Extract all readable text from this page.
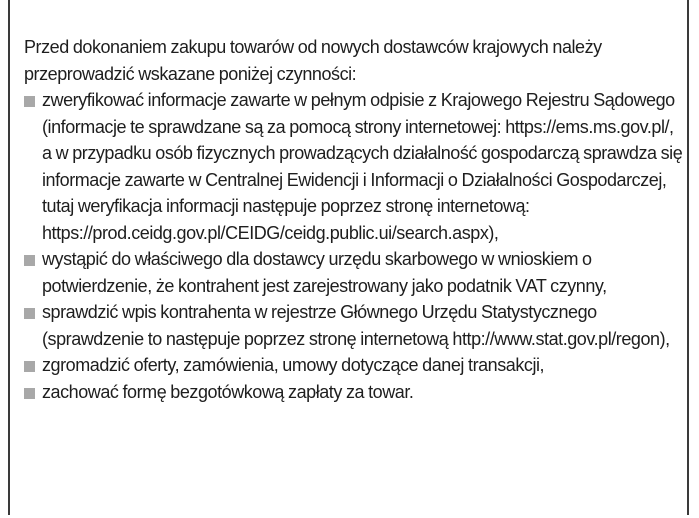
Przed dokonaniem zakupu towarów od nowych dostawców krajowych należy przeprowadzić wskazane poniżej czynności:

zweryfikować informacje zawarte w pełnym odpisie z Krajowego Rejestru Sądowego (informacje te sprawdzane są za pomocą strony internetowej: https://ems.ms.gov.pl/, a w przypadku osób fizycznych prowadzących działalność gospodarczą sprawdza się informacje zawarte w Centralnej Ewidencji i Informacji o Działalności Gospodarczej, tutaj weryfikacja informacji następuje poprzez stronę internetową: https://prod.ceidg.gov.pl/CEIDG/ceidg.public.ui/search.aspx),
wystąpić do właściwego dla dostawcy urzędu skarbowego w wnioskiem o potwierdzenie, że kontrahent jest zarejestrowany jako podatnik VAT czynny,
sprawdzić wpis kontrahenta w rejestrze Głównego Urzędu Statystycznego (sprawdzenie to następuje poprzez stronę internetową http://www.stat.gov.pl/regon),
zgromadzić oferty, zamówienia, umowy dotyczące danej transakcji,
zachować formę bezgotówkową zapłaty za towar.
